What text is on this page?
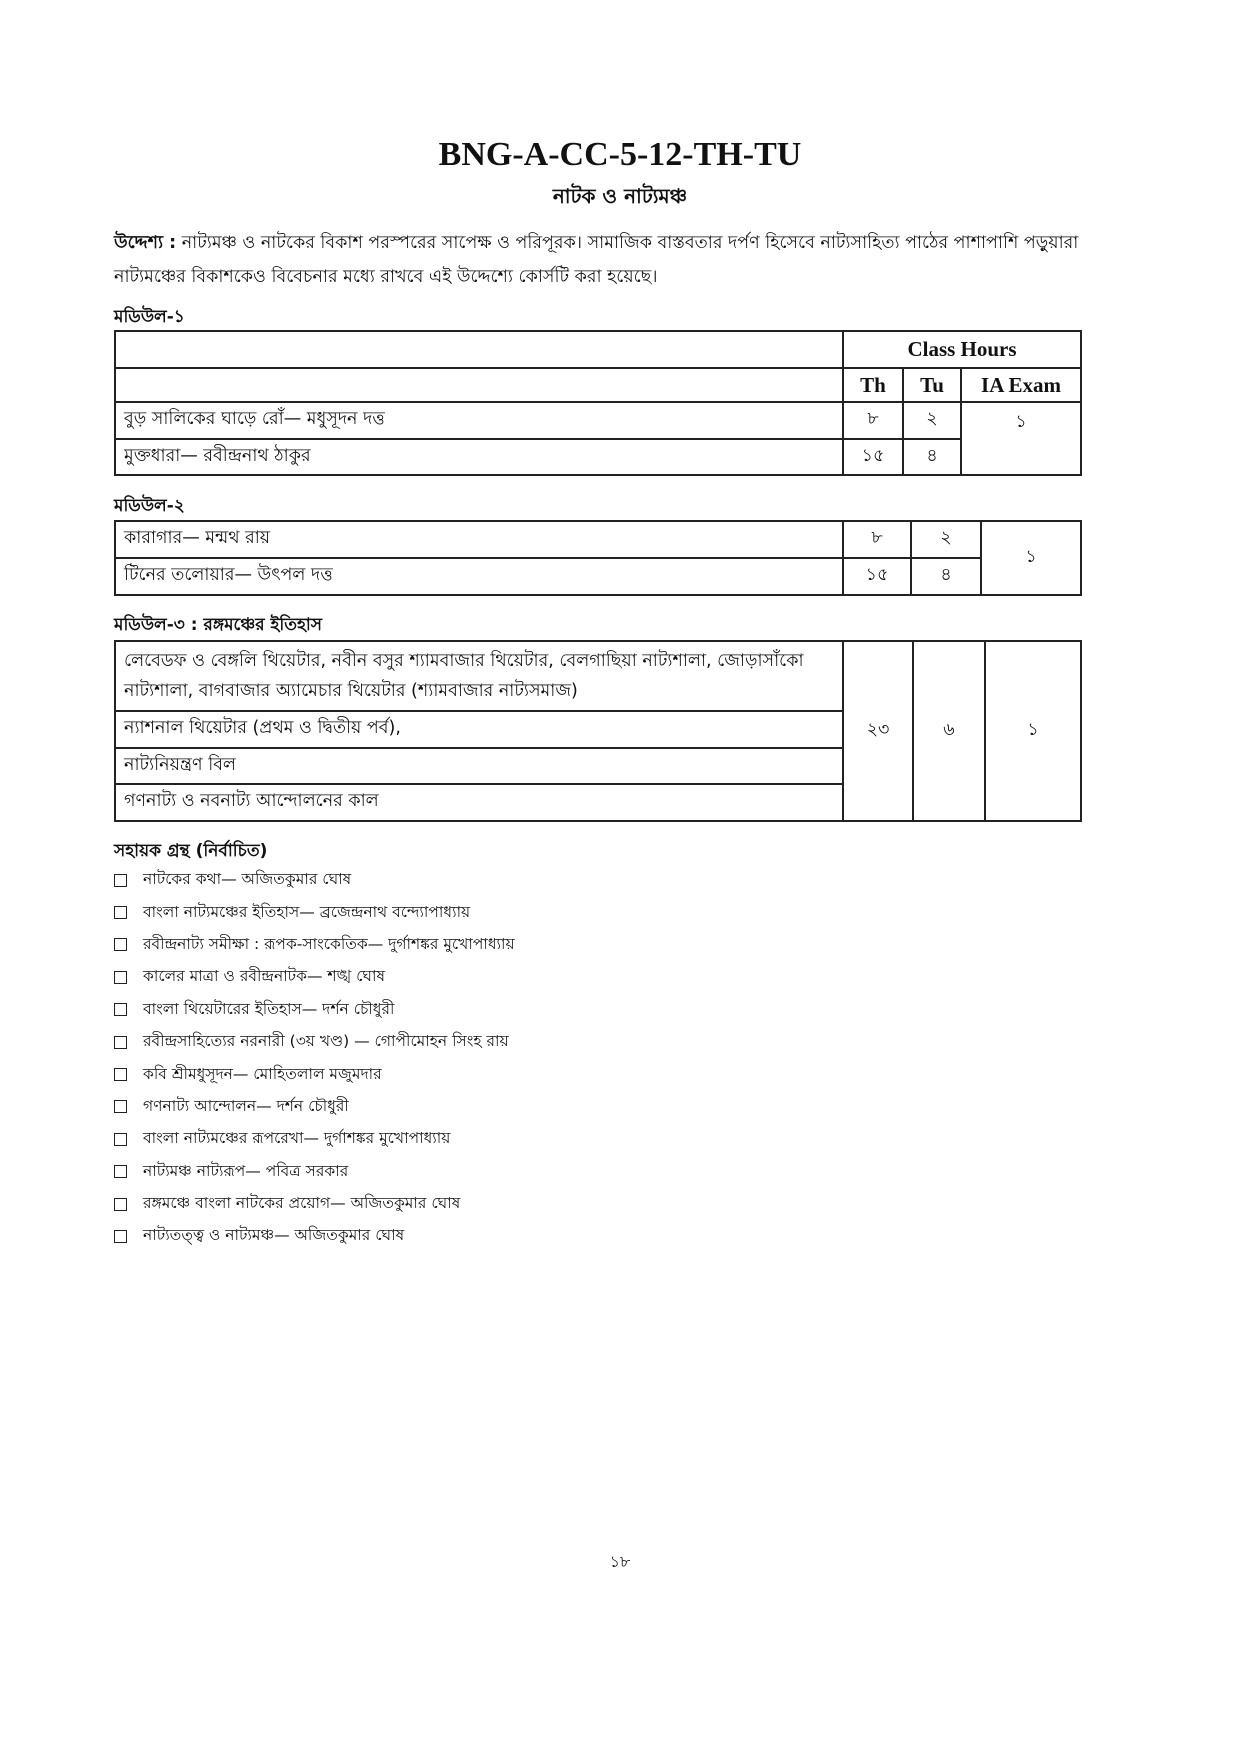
BNG-A-CC-5-12-TH-TU
নাটক ও নাট্যমঞ্চ
উদ্দেশ্য : নাট্যমঞ্চ ও নাটকের বিকাশ পরস্পরের সাপেক্ষ ও পরিপূরক। সামাজিক বাস্তবতার দর্পণ হিসেবে নাট্যসাহিত্য পাঠের পাশাপাশি পড়ুয়ারা নাট্যমঞ্চের বিকাশকেও বিবেচনার মধ্যে রাখবে এই উদ্দেশ্যে কোর্সটি করা হয়েছে।
মডিউল-১
	Class Hours		
	Th	Tu	IA Exam
বুড় সালিকের ঘাড়ে রোঁ— মধুসূদন দত্ত	৮	২	১
মুক্তধারা— রবীন্দ্রনাথ ঠাকুর	১৫	৪	
মডিউল-২
কারাগার— মন্মথ রায়	৮	২	১
টিনের তলোয়ার— উৎপল দত্ত	১৫	৪	
মডিউল-৩ : রঙ্গমঞ্চের ইতিহাস
লেবেডফ ও বেঙ্গলি থিয়েটার, নবীন বসুর শ্যামবাজার থিয়েটার, বেলগাছিয়া নাট্যশালা, জোড়াসাঁকো নাট্যশালা, বাগবাজার অ্যামেচার থিয়েটার (শ্যামবাজার নাট্যসমাজ)	২৩	৬	১
ন্যাশনাল থিয়েটার (প্রথম ও দ্বিতীয় পর্ব),
নাট্যনিয়ন্ত্রণ বিল
গণনাট্য ও নবনাট্য আন্দোলনের কাল
সহায়ক গ্রন্থ (নির্বাচিত)
নাটকের কথা— অজিতকুমার ঘোষ
বাংলা নাট্যমঞ্চের ইতিহাস— ব্রজেন্দ্রনাথ বন্দ্যোপাধ্যায়
রবীন্দ্রনাট্য সমীক্ষা : রূপক-সাংকেতিক— দুর্গাশঙ্কর মুখোপাধ্যায়
কালের মাত্রা ও রবীন্দ্রনাটক— শঙ্খ ঘোষ
বাংলা থিয়েটারের ইতিহাস— দর্শন চৌধুরী
রবীন্দ্রসাহিত্যের নরনারী (৩য় খণ্ড) — গোপীমোহন সিংহ রায়
কবি শ্রীমধুসূদন— মোহিতলাল মজুমদার
গণনাট্য আন্দোলন— দর্শন চৌধুরী
বাংলা নাট্যমঞ্চের রূপরেখা— দুর্গাশঙ্কর মুখোপাধ্যায়
নাট্যমঞ্চ নাট্যরূপ— পবিত্র সরকার
রঙ্গমঞ্চে বাংলা নাটকের প্রয়োগ— অজিতকুমার ঘোষ
নাট্যতত্ত্ব ও নাট্যমঞ্চ— অজিতকুমার ঘোষ
১৮
